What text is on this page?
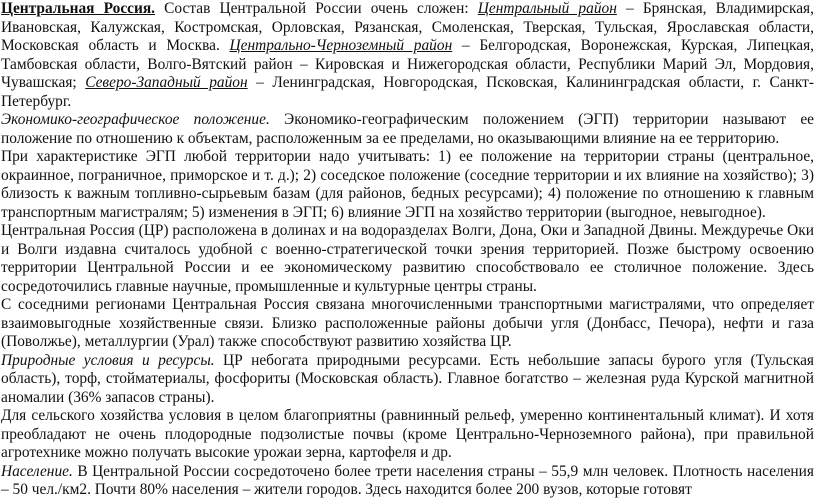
Центральная Россия. Состав Центральной России очень сложен: Центральный район – Брянская, Владимирская, Ивановская, Калужская, Костромская, Орловская, Рязанская, Смоленская, Тверская, Тульская, Ярославская области, Московская область и Москва. Центрально-Черноземный район – Белгородская, Воронежская, Курская, Липецкая, Тамбовская области, Волго-Вятский район – Кировская и Нижегородская области, Республики Марий Эл, Мордовия, Чувашская; Северо-Западный район – Ленинградская, Новгородская, Псковская, Калининградская области, г. Санкт-Петербург.

Экономико-географическое положение. Экономико-географическим положением (ЭГП) территории называют ее положение по отношению к объектам, расположенным за ее пределами, но оказывающими влияние на ее территорию.

При характеристике ЭГП любой территории надо учитывать: 1) ее положение на территории страны (центральное, окраинное, пограничное, приморское и т. д.); 2) соседское положение (соседние территории и их влияние на хозяйство); 3) близость к важным топливно-сырьевым базам (для районов, бедных ресурсами); 4) положение по отношению к главным транспортным магистралям; 5) изменения в ЭГП; 6) влияние ЭГП на хозяйство территории (выгодное, невыгодное).

Центральная Россия (ЦР) расположена в долинах и на водоразделах Волги, Дона, Оки и Западной Двины. Междуречье Оки и Волги издавна считалось удобной с военно-стратегической точки зрения территорией. Позже быстрому освоению территории Центральной России и ее экономическому развитию способствовало ее столичное положение. Здесь сосредоточились главные научные, промышленные и культурные центры страны.

С соседними регионами Центральная Россия связана многочисленными транспортными магистралями, что определяет взаимовыгодные хозяйственные связи. Близко расположенные районы добычи угля (Донбасс, Печора), нефти и газа (Поволжье), металлургии (Урал) также способствуют развитию хозяйства ЦР.

Природные условия и ресурсы. ЦР небогата природными ресурсами. Есть небольшие запасы бурого угля (Тульская область), торф, стойматериалы, фосфориты (Московская область). Главное богатство – железная руда Курской магнитной аномалии (36% запасов страны).

Для сельского хозяйства условия в целом благоприятны (равнинный рельеф, умеренно континентальный климат). И хотя преобладают не очень плодородные подзолистые почвы (кроме Центрально-Черноземного района), при правильной агротехнике можно получать высокие урожаи зерна, картофеля и др.

Население. В Центральной России сосредоточено более трети населения страны – 55,9 млн человек. Плотность населения – 50 чел./км2. Почти 80% населения – жители городов. Здесь находится более 200 вузов, которые готовят
